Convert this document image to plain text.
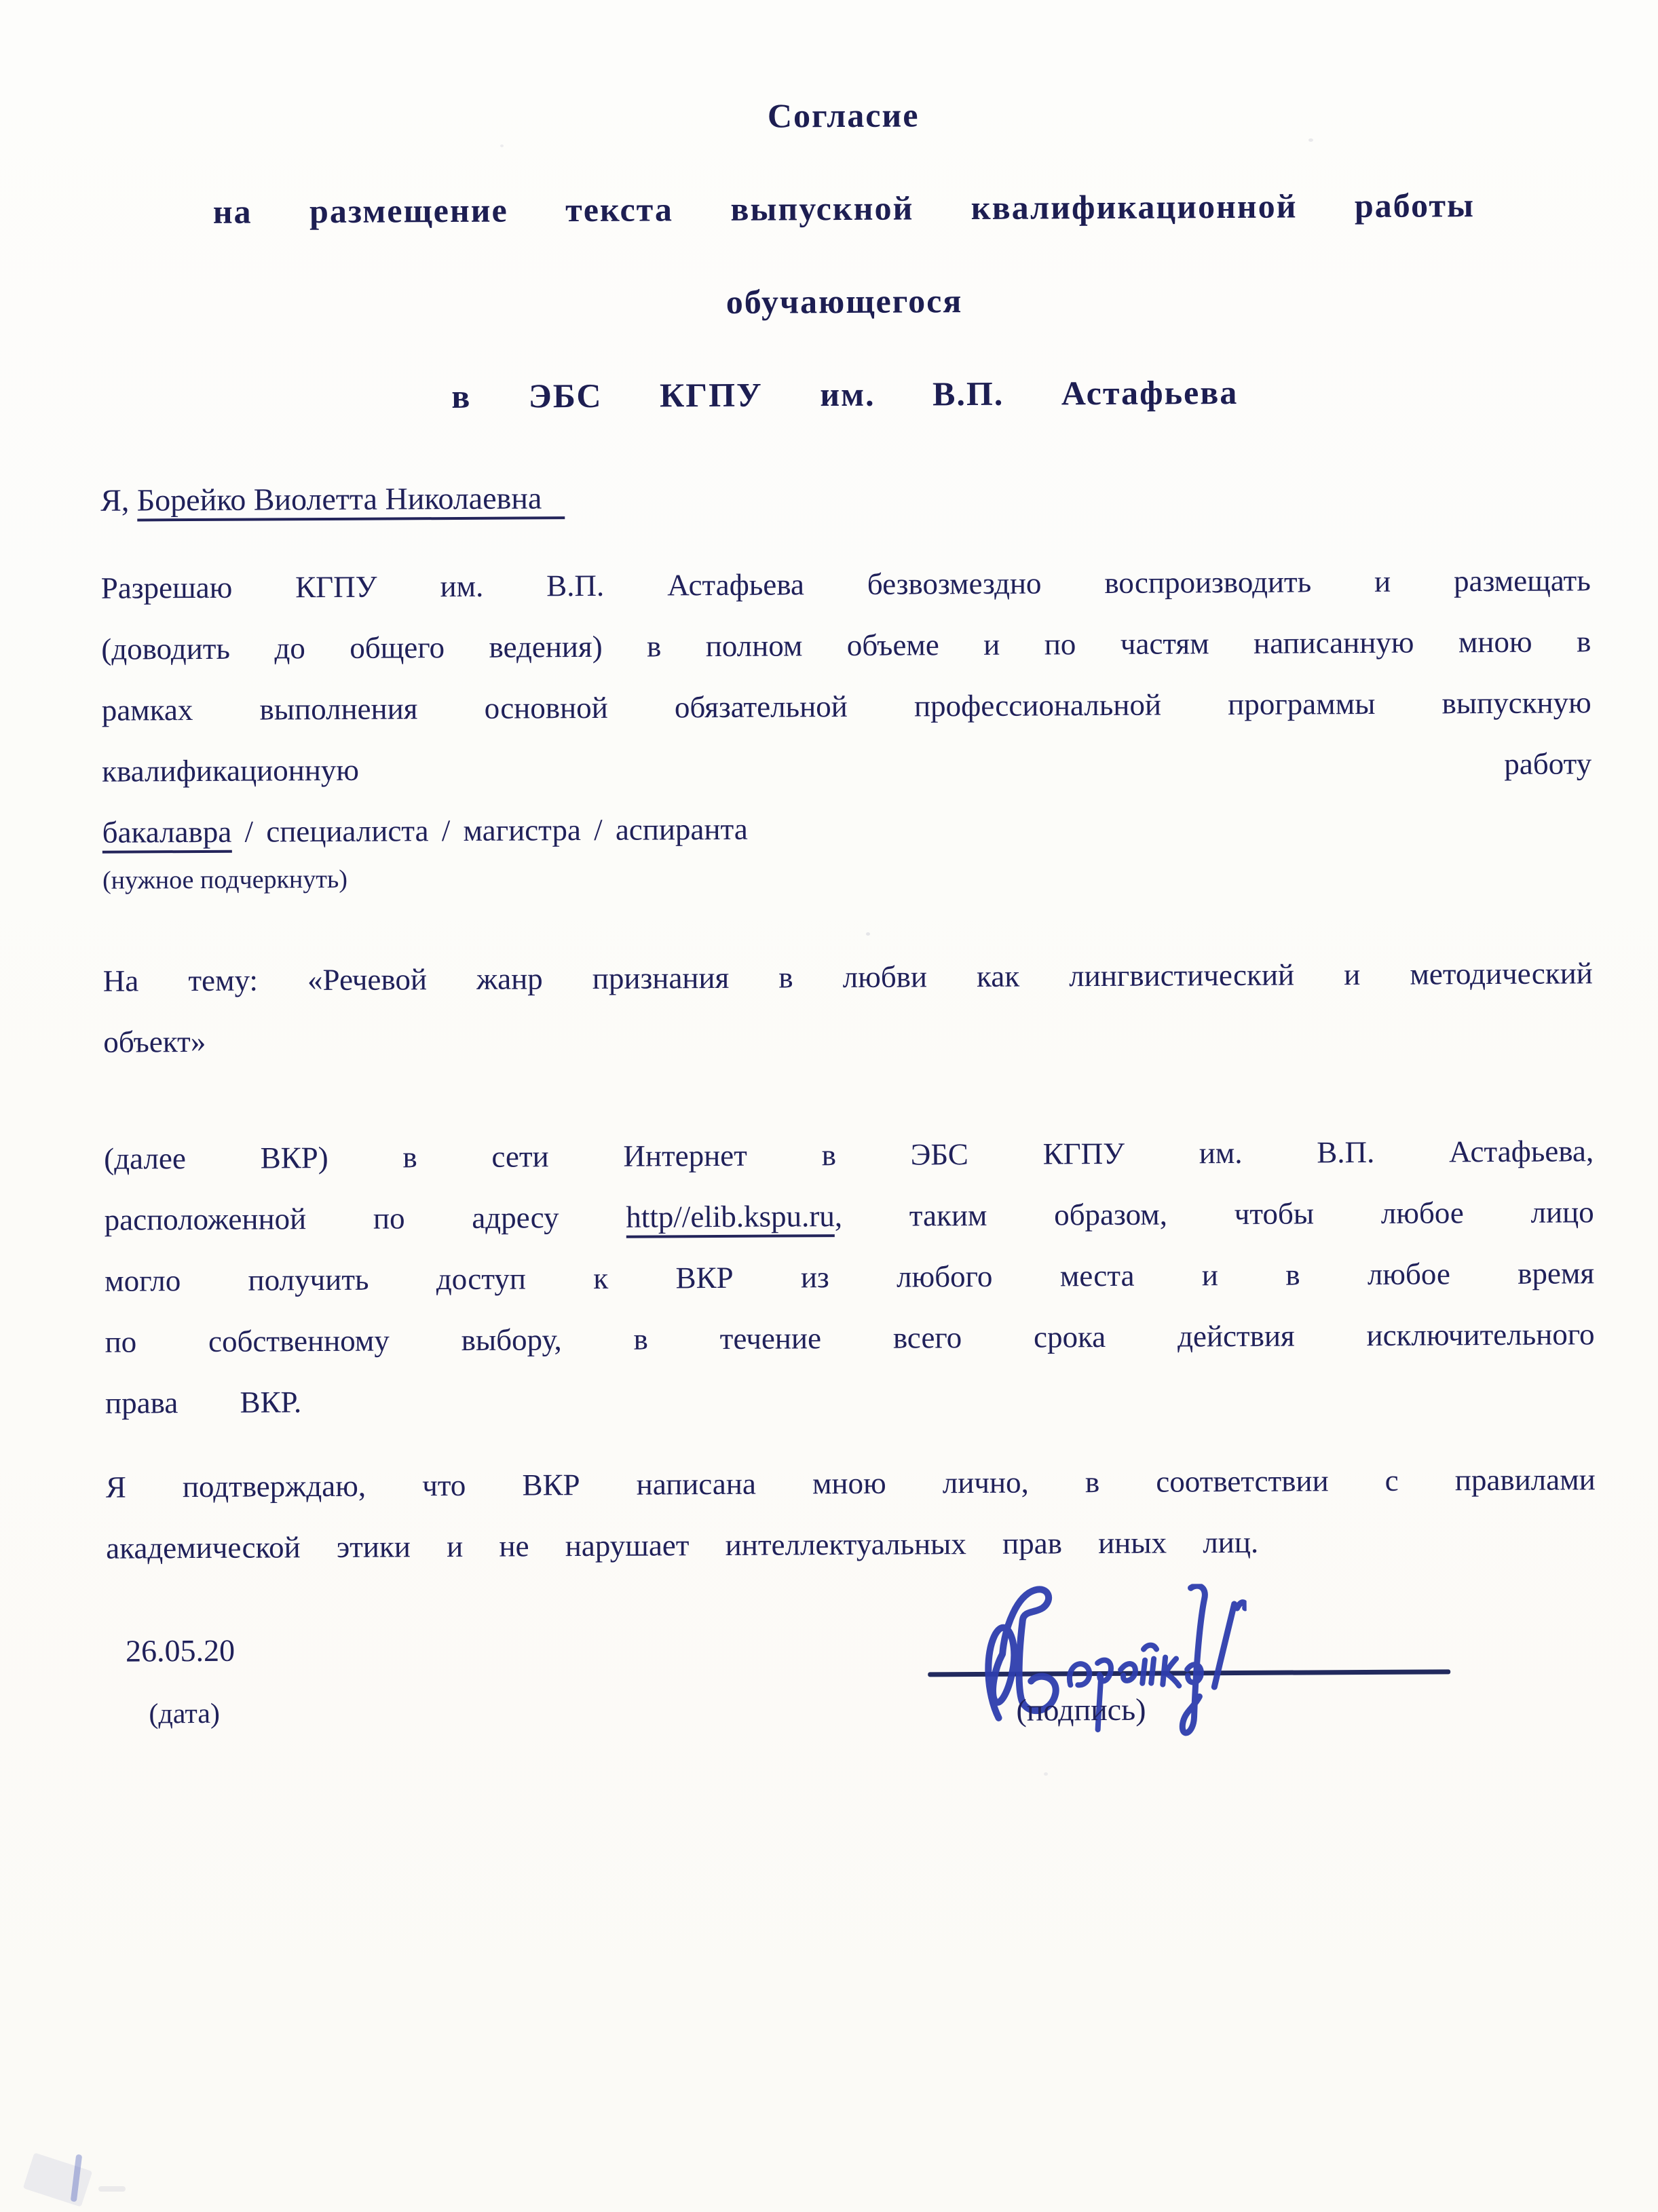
Согласие

на размещение текста выпускной квалификационной работы

обучающегося

в ЭБС КГПУ им. В.П. Астафьева

Я, Борейко Виолетта Николаевна

Разрешаю КГПУ им. В.П. Астафьева безвозмездно воспроизводить и размещать (доводить до общего ведения) в полном объеме и по частям написанную мною в рамках выполнения основной обязательной профессиональной программы выпускную квалификационную работу

бакалавра / специалиста / магистра / аспиранта

(нужное подчеркнуть)

На тему: «Речевой жанр признания в любви как лингвистический и методический объект»

(далее ВКР) в сети Интернет в ЭБС КГПУ им. В.П. Астафьева, расположенной по адресу http//elib.kspu.ru, таким образом, чтобы любое лицо могло получить доступ к ВКР из любого места и в любое время по собственному выбору, в течение всего срока действия исключительного права ВКР.

Я подтверждаю, что ВКР написана мною лично, в соответствии с правилами академической этики и не нарушает интеллектуальных прав иных лиц.

26.05.20
(дата)	(подпись)
